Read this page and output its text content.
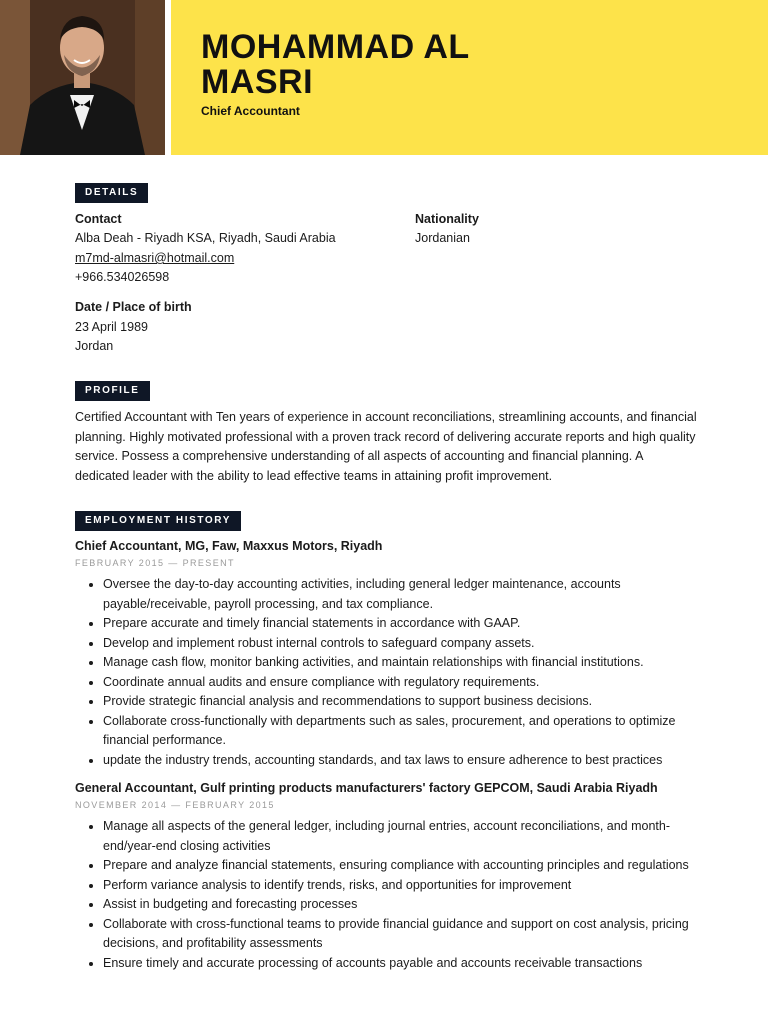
MOHAMMAD AL MASRI
Chief Accountant
DETAILS
Contact
Alba Deah - Riyadh KSA, Riyadh, Saudi Arabia
m7md-almasri@hotmail.com
+966.534026598
Nationality
Jordanian
Date / Place of birth
23 April 1989
Jordan
PROFILE
Certified Accountant with Ten years of experience in account reconciliations, streamlining accounts, and financial planning. Highly motivated professional with a proven track record of delivering accurate reports and high quality service. Possess a comprehensive understanding of all aspects of accounting and financial planning. A dedicated leader with the ability to lead effective teams in attaining profit improvement.
EMPLOYMENT HISTORY
Chief Accountant, MG, Faw, Maxxus Motors, Riyadh
FEBRUARY 2015 — PRESENT
• Oversee the day-to-day accounting activities, including general ledger maintenance, accounts payable/receivable, payroll processing, and tax compliance.
• Prepare accurate and timely financial statements in accordance with GAAP.
• Develop and implement robust internal controls to safeguard company assets.
• Manage cash flow, monitor banking activities, and maintain relationships with financial institutions.
• Coordinate annual audits and ensure compliance with regulatory requirements.
• Provide strategic financial analysis and recommendations to support business decisions.
• Collaborate cross-functionally with departments such as sales, procurement, and operations to optimize financial performance.
• update the industry trends, accounting standards, and tax laws to ensure adherence to best practices
General Accountant, Gulf printing products manufacturers' factory GEPCOM, Saudi Arabia Riyadh
NOVEMBER 2014 — FEBRUARY 2015
• Manage all aspects of the general ledger, including journal entries, account reconciliations, and month-end/year-end closing activities
• Prepare and analyze financial statements, ensuring compliance with accounting principles and regulations
• Perform variance analysis to identify trends, risks, and opportunities for improvement
• Assist in budgeting and forecasting processes
• Collaborate with cross-functional teams to provide financial guidance and support on cost analysis, pricing decisions, and profitability assessments
• Ensure timely and accurate processing of accounts payable and accounts receivable transactions
